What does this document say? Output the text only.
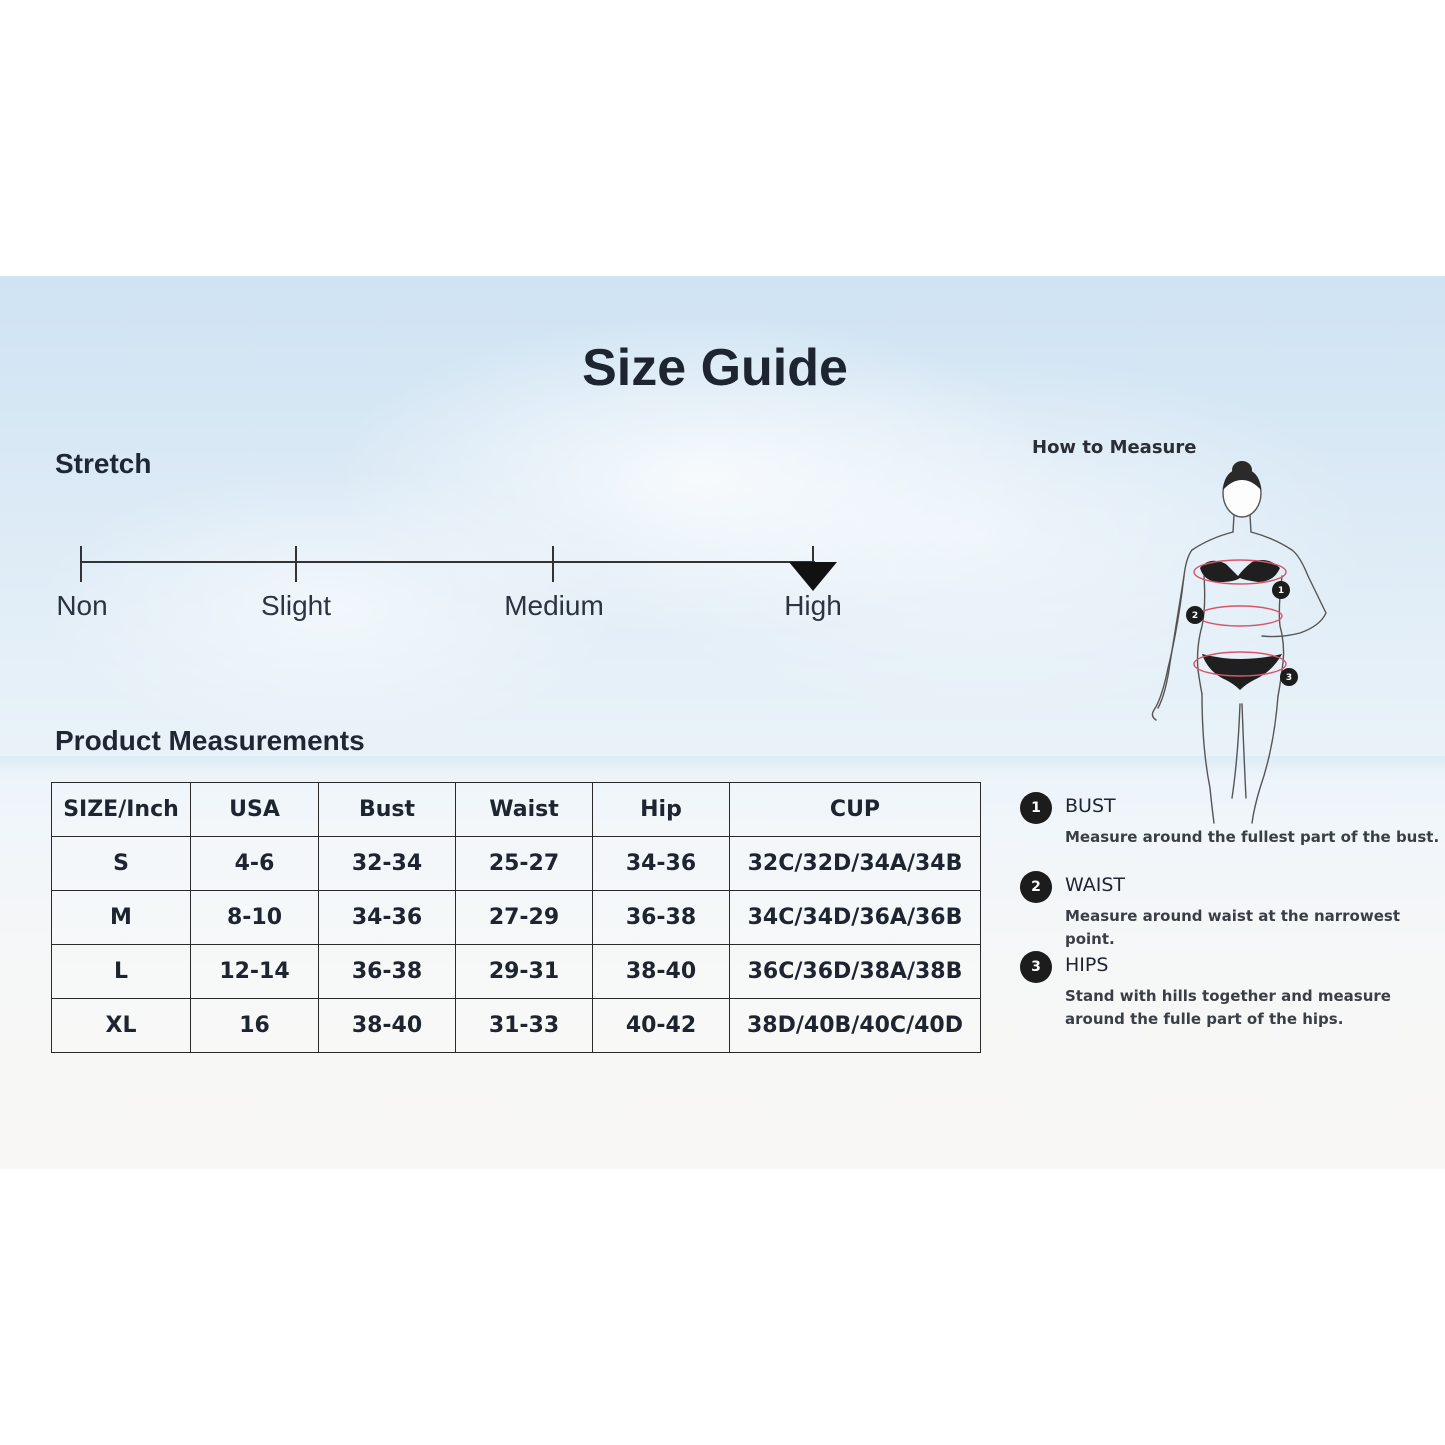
Size Guide
Stretch
Non	Slight	Medium	High
Product Measurements
SIZE/Inch	USA	Bust	Waist	Hip	CUP
S	4-6	32-34	25-27	34-36	32C/32D/34A/34B
M	8-10	34-36	27-29	36-38	34C/34D/36A/36B
L	12-14	36-38	29-31	38-40	36C/36D/38A/38B
XL	16	38-40	31-33	40-42	38D/40B/40C/40D
How to Measure
1
2
3
1	BUST
Measure around the fullest part of the bust.
2	WAIST
Measure around waist at the narrowest point.
3	HIPS
Stand with hills together and measure around the fulle part of the hips.
